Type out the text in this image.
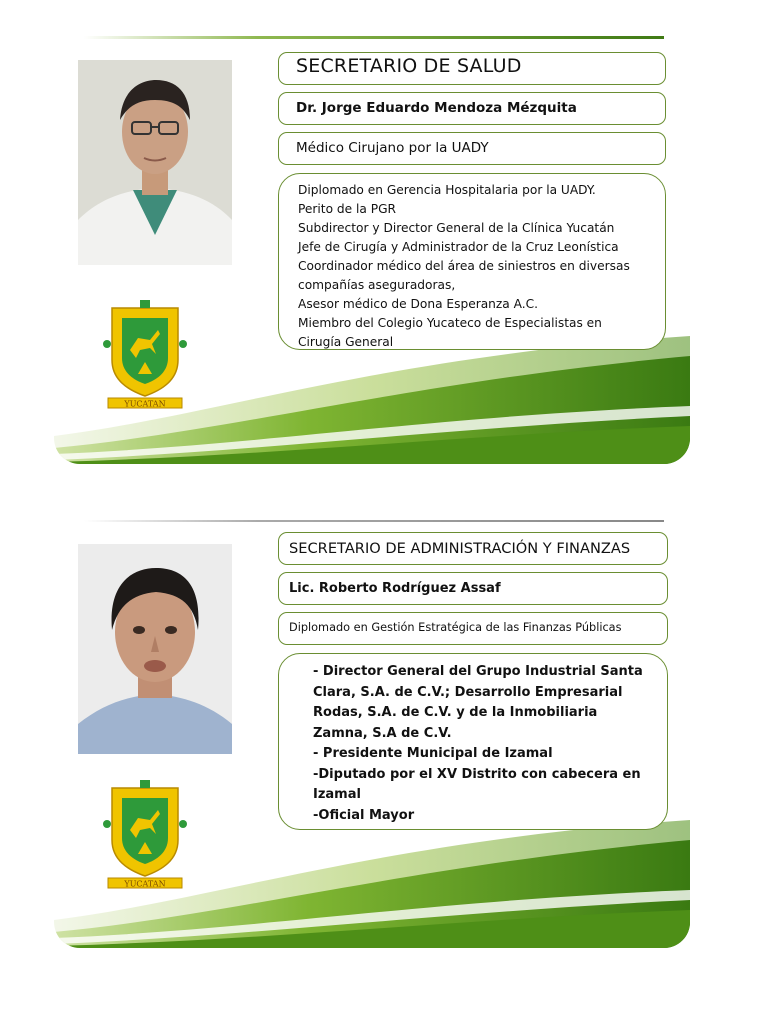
YUCATAN
SECRETARIO DE SALUD
Dr. Jorge Eduardo Mendoza Mézquita
Médico Cirujano por la UADY
Diplomado en Gerencia Hospitalaria por la UADY.
Perito de la PGR
Subdirector y Director General de la Clínica Yucatán
Jefe de Cirugía y Administrador de la Cruz Leonística
Coordinador médico del área de siniestros en diversas
compañías aseguradoras,
Asesor médico de Dona Esperanza A.C.
Miembro del Colegio Yucateco de Especialistas en
Cirugía General
YUCATAN
SECRETARIO DE ADMINISTRACIÓN Y FINANZAS
Lic. Roberto Rodríguez Assaf
Diplomado en Gestión Estratégica de las Finanzas Públicas
- Director General del Grupo Industrial Santa
Clara, S.A. de C.V.; Desarrollo Empresarial
Rodas, S.A. de C.V. y de la Inmobiliaria
Zamna, S.A de C.V.
- Presidente Municipal de Izamal
-Diputado por el XV Distrito con cabecera en
Izamal
-Oficial Mayor
